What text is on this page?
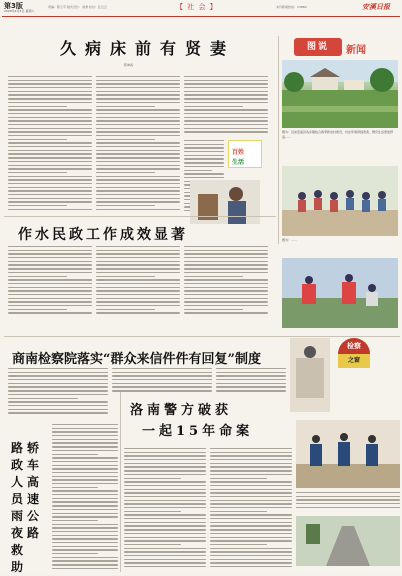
第3版
2020年4月4日 星期六
责编：陈兰平 版式设计：刘秀 校对：张云云	【 社 会 】	本刊新闻热线：13860	安溪日报
久病床前有贤妻
陈坤森
百姓
生活
图说	新闻
图为：近来安溪县各乡镇结合春季新农村建设，村庄环境得到改善，群众生活更加舒适……
作水民政工作成效显著	图为：……
商南检察院落实“群众来信件件有回复”制度
检察
之窗
洛南警方破获
一起15年命案
轿
车
高
速
公
路
路
政
人
员
雨
夜
救
助
